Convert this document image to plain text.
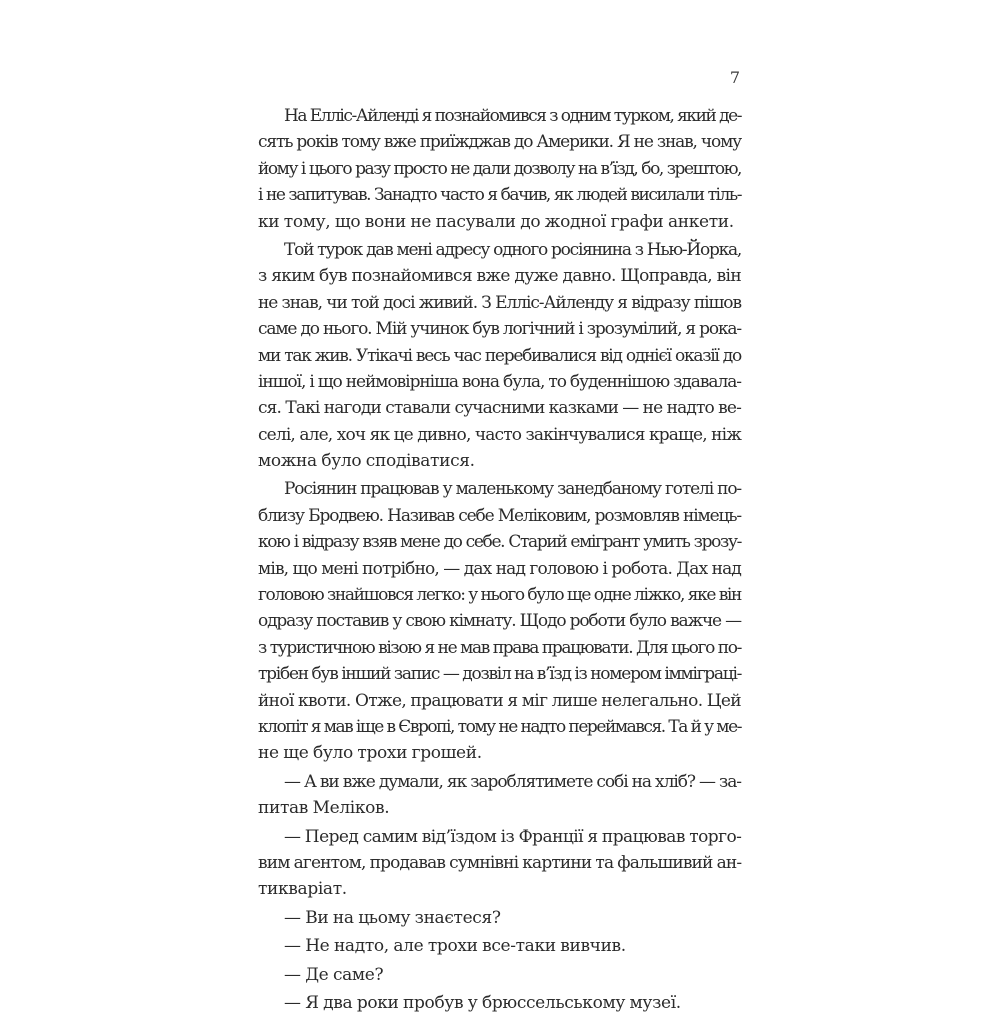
7
На Елліс-Айленді я познайомився з одним турком, який де-
сять років тому вже приїжджав до Америки. Я не знав, чому
йому і цього разу просто не дали дозволу на в’їзд, бо, зрештою,
і не запитував. Занадто часто я бачив, як людей висилали тіль-
ки тому, що вони не пасували до жодної графи анкети.
Той турок дав мені адресу одного росіянина з Нью-Йорка,
з яким був познайомився вже дуже давно. Щоправда, він
не знав, чи той досі живий. З Елліс-Айленду я відразу пішов
саме до нього. Мій учинок був логічний і зрозумілий, я рока-
ми так жив. Утікачі весь час перебивалися від однієї оказії до
іншої, і що неймовірніша вона була, то буденнішою здавала-
ся. Такі нагоди ставали сучасними казками — не надто ве-
селі, але, хоч як це дивно, часто закінчувалися краще, ніж
можна було сподіватися.
Росіянин працював у маленькому занедбаному готелі по-
близу Бродвею. Називав себе Меліковим, розмовляв німець-
кою і відразу взяв мене до себе. Старий емігрант умить зрозу-
мів, що мені потрібно, — дах над головою і робота. Дах над
головою знайшовся легко: у нього було ще одне ліжко, яке він
одразу поставив у свою кімнату. Щодо роботи було важче —
з туристичною візою я не мав права працювати. Для цього по-
трібен був інший запис — дозвіл на в’їзд із номером імміграці-
йної квоти. Отже, працювати я міг лише нелегально. Цей
клопіт я мав іще в Європі, тому не надто переймався. Та й у ме-
не ще було трохи грошей.
— А ви вже думали, як зароблятимете собі на хліб? — за-
питав Меліков.
— Перед самим від’їздом із Франції я працював торго-
вим агентом, продавав сумнівні картини та фальшивий ан-
тикваріат.
— Ви на цьому знаєтеся?
— Не надто, але трохи все-таки вивчив.
— Де саме?
— Я два роки пробув у брюссельському музеї.
